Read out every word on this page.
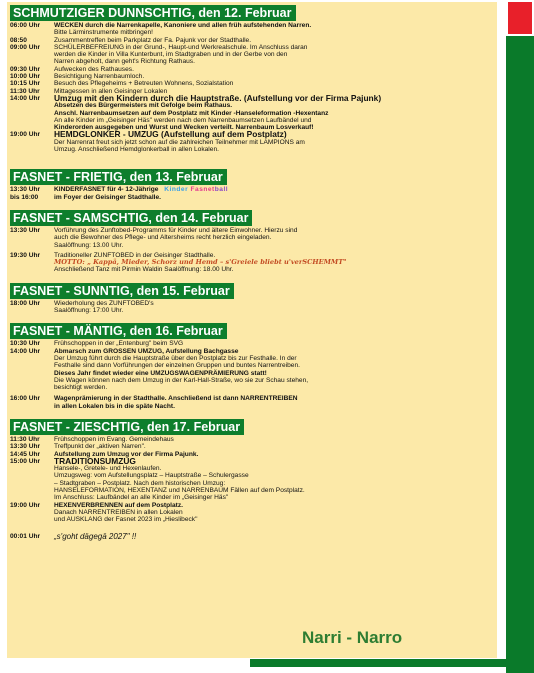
SCHMUTZIGER DUNNSCHTIG, den 12. Februar
06:00 Uhr	WECKEN durch die Narrenkapelle, Kanoniere und allen früh aufstehenden Narren.
Bitte Lärminstrumente mitbringen!
08:50	Zusammentreffen beim Parkplatz der Fa. Pajunk vor der Stadthalle.
09:00 Uhr	SCHÜLERBEFREIUNG in der Grund-, Haupt-und Werkrealschule. Im Anschluss daran
werden die Kinder in Villa Kunterbunt, im Stadtgraben und in der Gerbe von den
Narren abgeholt, dann geht's Richtung Rathaus.
09:30 Uhr	Aufwecken des Rathauses.
10:00 Uhr	Besichtigung Narrenbaumloch.
10:15 Uhr	Besuch des Pflegeheims + Betreuten Wohnens, Sozialstation
11:30 Uhr	Mittagessen in allen Geisinger Lokalen
14:00 Uhr	Umzug mit den Kindern durch die Hauptstraße. (Aufstellung vor der Firma Pajunk)
Absetzen des Bürgermeisters mit Gefolge beim Rathaus.
Anschl. Narrenbaumsetzen auf dem Postplatz mit Kinder -Hanseleformation -Hexentanz
An alle Kinder im „Geisinger Häs" werden nach dem Narrenbaumsetzen Laufbändel und
Kinderorden ausgegeben und Wurst und Wecken verteilt. Narrenbaum Losverkauf!
19:00 Uhr	HEMDGLONKER - UMZUG (Aufstellung auf dem Postplatz)
Der Narrenrat freut sich jetzt schon auf die zahlreichen Teilnehmer mit LAMPIONS am
Umzug. Anschließend Hemdglonkerball in allen Lokalen.
FASNET - FRIETIG, den 13. Februar
13:30 Uhr	KINDERFASNET für 4- 12-Jährige Kinder Fasnetball
bis 16:00	im Foyer der Geisinger Stadthalle.
FASNET - SAMSCHTIG, den 14. Februar
13:30 Uhr	Vorführung des Zunftobed-Programms für Kinder und ältere Einwohner. Hierzu sind
auch die Bewohner des Pflege- und Altersheims recht herzlich eingeladen.
Saalöffnung: 13.00 Uhr.
19:30 Uhr	Traditioneller ZUNFTOBED in der Geisinger Stadthalle.
MOTTO: „ Kappä, Mieder, Schorz und Hemd – s'Greiele bliebt u'verSCHEMMT"
Anschließend Tanz mit Pirmin Waldin Saalöffnung: 18.00 Uhr.
FASNET - SUNNTIG, den 15. Februar
18:00 Uhr	Wiederholung des ZUNFTOBED's
Saalöffnung: 17:00 Uhr.
FASNET - MÄNTIG, den 16. Februar
10:30 Uhr	Frühschoppen in der „Entenburg" beim SVG
14:00 Uhr	Abmarsch zum GROSSEN UMZUG, Aufstellung Bachgasse
Der Umzug führt durch die Hauptstraße über den Postplatz bis zur Festhalle. In der
Festhalle sind dann Vorführungen der einzelnen Gruppen und buntes Narrentreiben.
Dieses Jahr findet wieder eine UMZUGSWAGENPRÄMIERUNG statt!
Die Wagen können nach dem Umzug in der Karl-Hall-Straße, wo sie zur Schau stehen,
besichtigt werden.
16:00 Uhr	Wagenprämierung in der Stadthalle. Anschließend ist dann NARRENTREIBEN
in allen Lokalen bis in die späte Nacht.
FASNET - ZIESCHTIG, den 17. Februar
11:30 Uhr	Frühschoppen im Evang. Gemeindehaus
13:30 Uhr	Treffpunkt der „aktiven Narren".
14:45 Uhr	Aufstellung zum Umzug vor der Firma Pajunk.
15:00 Uhr	TRADITIONSUMZUG
Hansele-, Gretele- und Hexenlaufen.
Umzugsweg: vom Aufstellungsplatz – Hauptstraße – Schulergasse
– Stadtgraben – Postplatz. Nach dem historischen Umzug:
HANSELEFORMATION, HEXENTANZ und NARRENBAUM Fällen auf dem Postplatz.
Im Anschluss: Laufbändel an alle Kinder im „Geisinger Häs"
19:00 Uhr	HEXENVERBRENNEN auf dem Postplatz.
Danach NARRENTREIBEN in allen Lokalen
und AUSKLANG der Fasnet 2023 im „Hieslibeck"
00:01 Uhr	„s'goht dägegä 2027" !!
Narri - Narro
